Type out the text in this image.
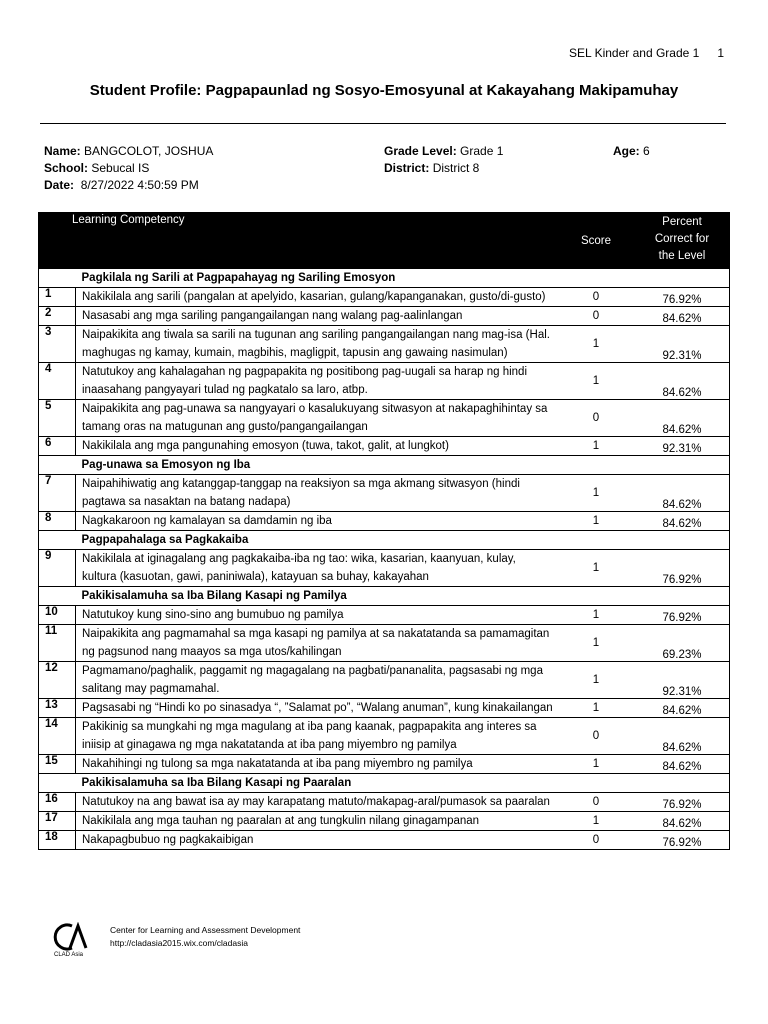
SEL Kinder and Grade 1 1
Student Profile: Pagpapaunlad ng Sosyo-Emosyunal at Kakayahang Makipamuhay
Name: BANGCOLOT, JOSHUA
School: Sebucal IS
Date: 8/27/2022 4:50:59 PM
Grade Level: Grade 1
District: District 8
Age: 6
Learning Competency		Score	Percent
Correct for
the Level

	Pagkilala ng Sarili at Pagpapahayag ng Sariling Emosyon		
1	Nakikilala ang sarili (pangalan at apelyido, kasarian, gulang/kapanganakan, gusto/di-gusto)	0	76.92%
2	Nasasabi ang mga sariling pangangailangan nang walang pag-aalinlangan	0	84.62%
3	Naipakikita ang tiwala sa sarili na tugunan ang sariling pangangailangan nang mag-isa (Hal. maghugas ng kamay, kumain, magbihis, magligpit, tapusin ang gawaing nasimulan)	1	92.31%
4	Natutukoy ang kahalagahan ng pagpapakita ng positibong pag-uugali sa harap ng hindi inaasahang pangyayari tulad ng pagkatalo sa laro, atbp.	1	84.62%
5	Naipakikita ang pag-unawa sa nangyayari o kasalukuyang sitwasyon at nakapaghihintay sa tamang oras na matugunan ang gusto/pangangailangan	0	84.62%
6	Nakikilala ang mga pangunahing emosyon (tuwa, takot, galit, at lungkot)	1	92.31%
	Pag-unawa sa Emosyon ng Iba		
7	Naipahihiwatig ang katanggap-tanggap na reaksiyon sa mga akmang sitwasyon (hindi pagtawa sa nasaktan na batang nadapa)	1	84.62%
8	Nagkakaroon ng kamalayan sa damdamin ng iba	1	84.62%
	Pagpapahalaga sa Pagkakaiba		
9	Nakikilala at iginagalang ang pagkakaiba-iba ng tao: wika, kasarian, kaanyuan, kulay, kultura (kasuotan, gawi, paniniwala), katayuan sa buhay, kakayahan	1	76.92%
	Pakikisalamuha sa Iba Bilang Kasapi ng Pamilya		
10	Natutukoy kung sino-sino ang bumubuo ng pamilya	1	76.92%
11	Naipakikita ang pagmamahal sa mga kasapi ng pamilya at sa nakatatanda sa pamamagitan ng pagsunod nang maayos sa mga utos/kahilingan	1	69.23%
12	Pagmamano/paghalik, paggamit ng magagalang na pagbati/pananalita, pagsasabi ng mga salitang may pagmamahal.	1	92.31%
13	Pagsasabi ng “Hindi ko po sinasadya “, ”Salamat po”, “Walang anuman”, kung kinakailangan	1	84.62%
14	Pakikinig sa mungkahi ng mga magulang at iba pang kaanak, pagpapakita ang interes sa iniisip at ginagawa ng mga nakatatanda at iba pang miyembro ng pamilya	0	84.62%
15	Nakahihingi ng tulong sa mga nakatatanda at iba pang miyembro ng pamilya	1	84.62%
	Pakikisalamuha sa Iba Bilang Kasapi ng Paaralan		
16	Natutukoy na ang bawat isa ay may karapatang matuto/makapag-aral/pumasok sa paaralan	0	76.92%
17	Nakikilala ang mga tauhan ng paaralan at ang tungkulin nilang ginagampanan	1	84.62%
18	Nakapagbubuo ng pagkakaibigan	0	76.92%
CLAD Asia
Center for Learning and Assessment Development
http://cladasia2015.wix.com/cladasia
